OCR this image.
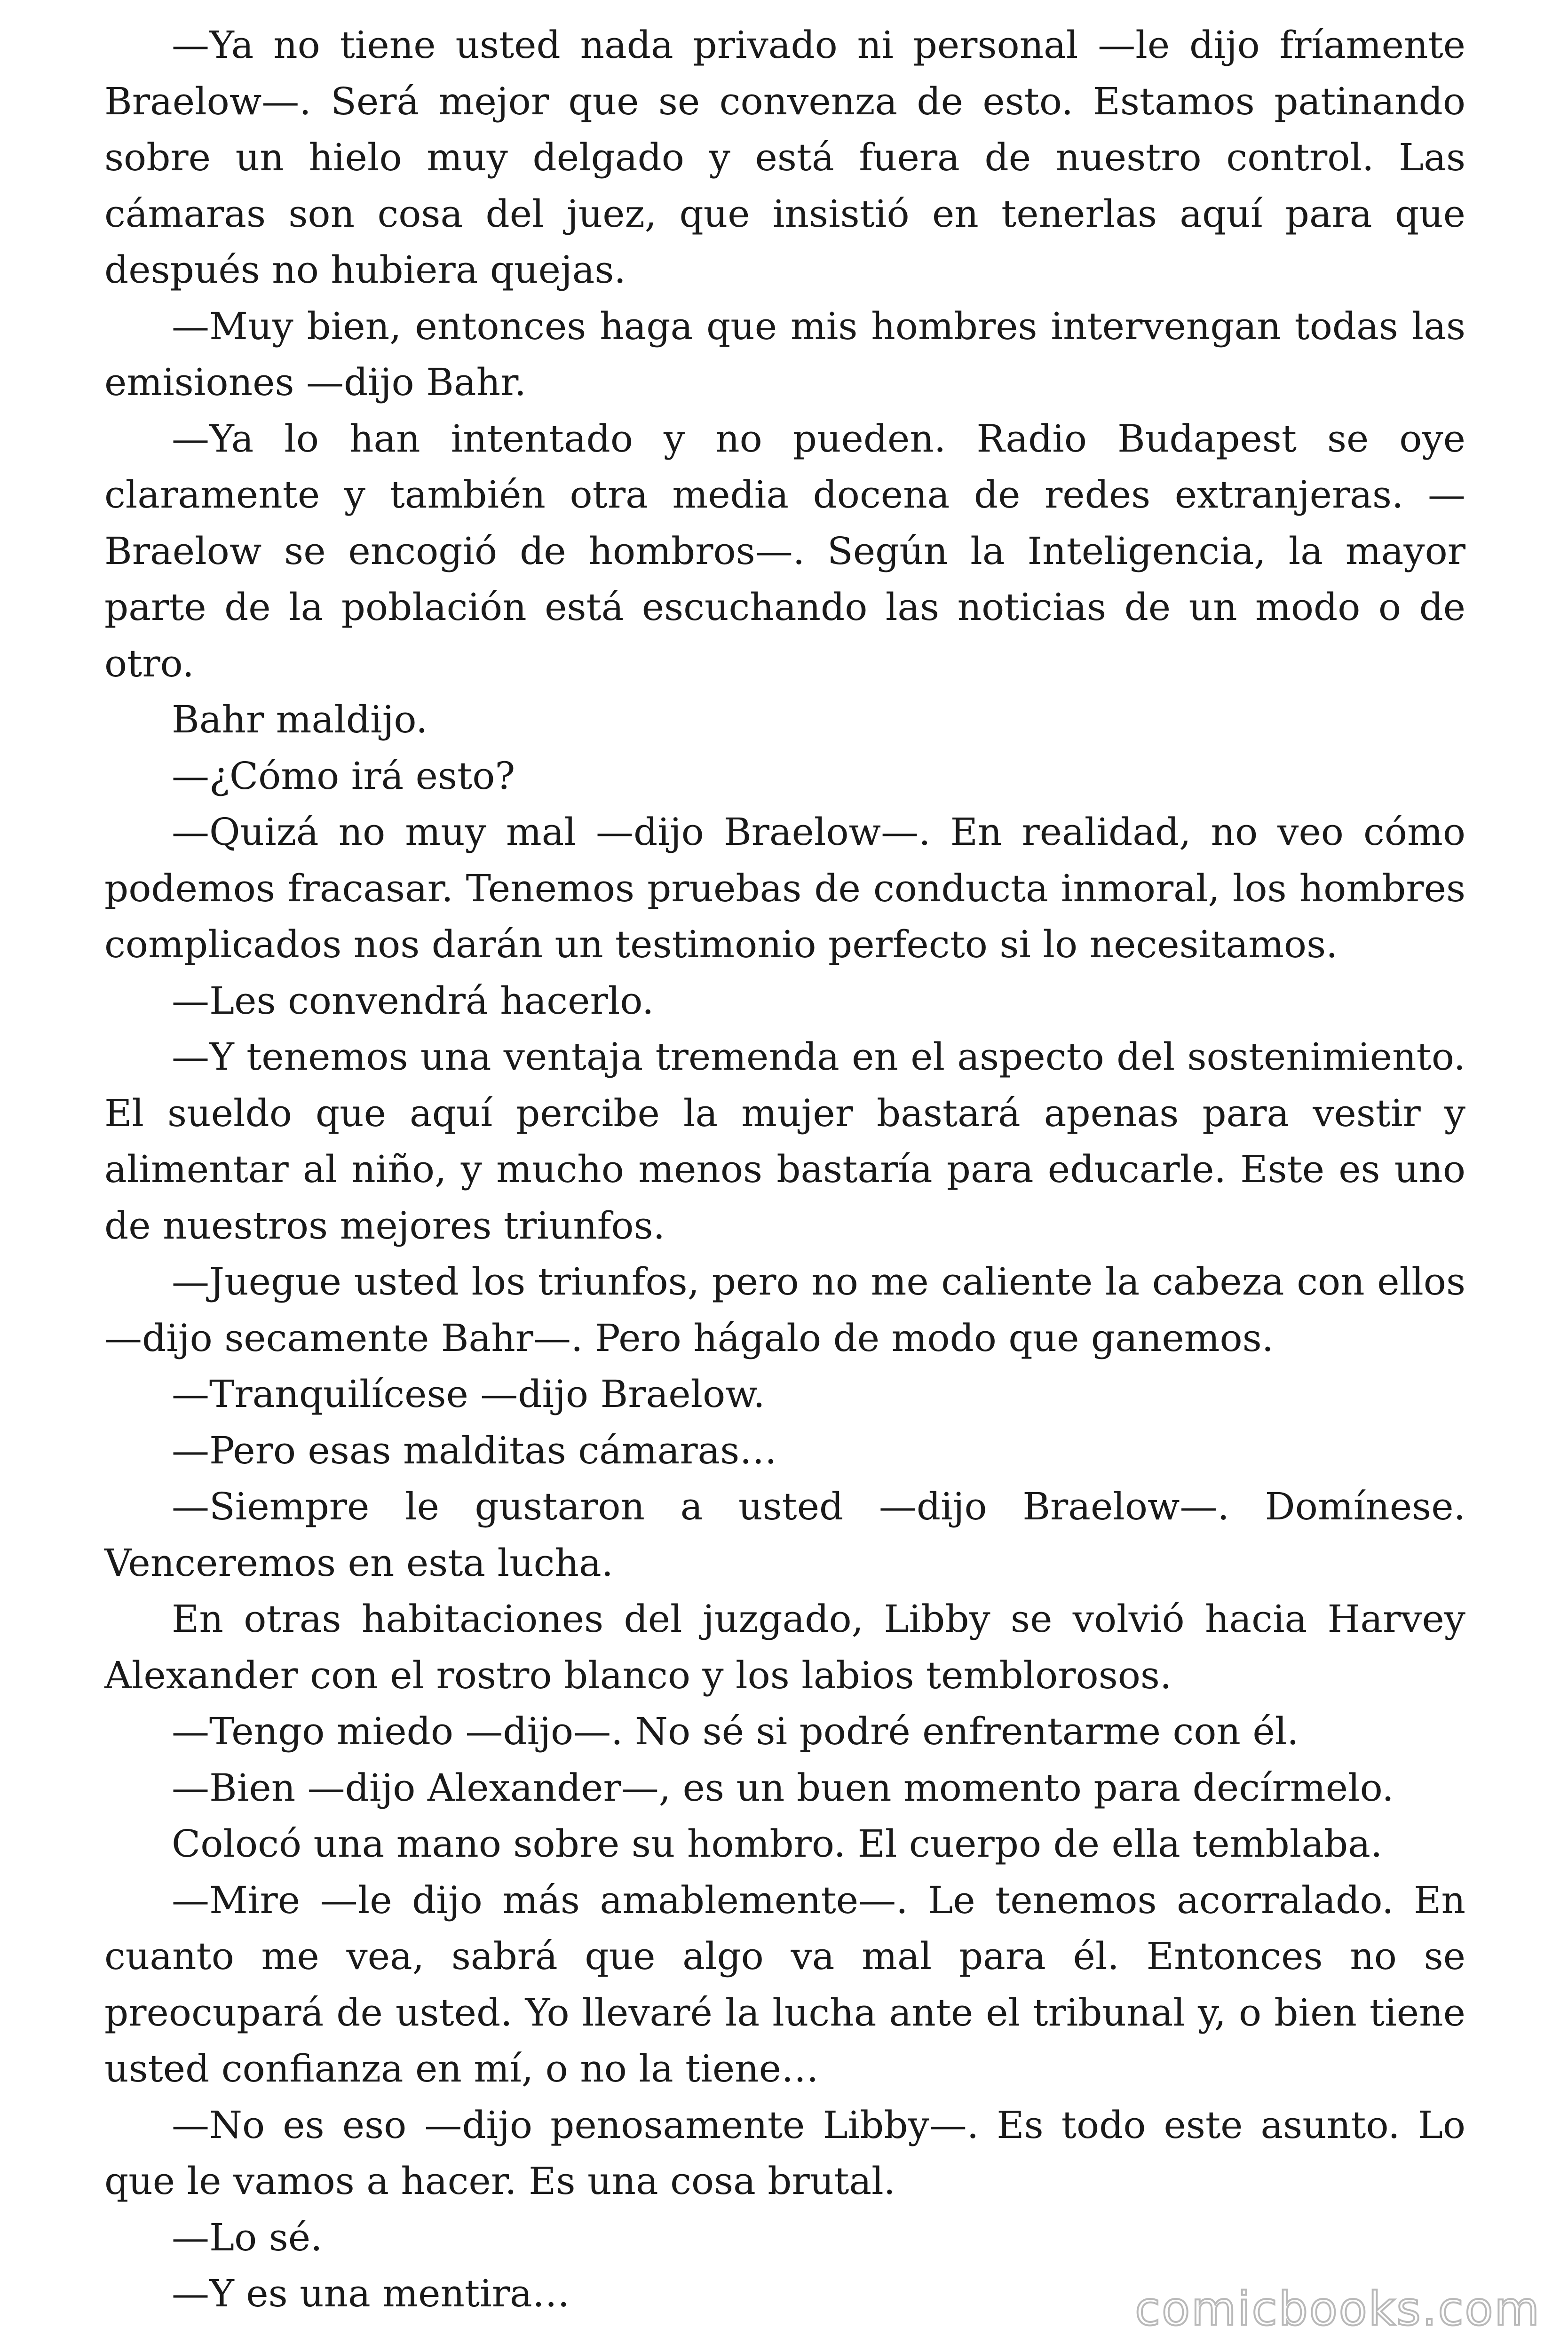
—Ya no tiene usted nada privado ni personal —le dijo fríamente Braelow—. Será mejor que se convenza de esto. Estamos patinando sobre un hielo muy delgado y está fuera de nuestro control. Las cámaras son cosa del juez, que insistió en tenerlas aquí para que después no hubiera quejas.

—Muy bien, entonces haga que mis hombres intervengan todas las emisiones —dijo Bahr.

—Ya lo han intentado y no pueden. Radio Budapest se oye claramente y también otra media docena de redes extranjeras. —Braelow se encogió de hombros—. Según la Inteligencia, la mayor parte de la población está escuchando las noticias de un modo o de otro.

Bahr maldijo.

—¿Cómo irá esto?

—Quizá no muy mal —dijo Braelow—. En realidad, no veo cómo podemos fracasar. Tenemos pruebas de conducta inmoral, los hombres complicados nos darán un testimonio perfecto si lo necesitamos.

—Les convendrá hacerlo.

—Y tenemos una ventaja tremenda en el aspecto del sostenimiento. El sueldo que aquí percibe la mujer bastará apenas para vestir y alimentar al niño, y mucho menos bastaría para educarle. Este es uno de nuestros mejores triunfos.

—Juegue usted los triunfos, pero no me caliente la cabeza con ellos —dijo secamente Bahr—. Pero hágalo de modo que ganemos.

—Tranquilícese —dijo Braelow.

—Pero esas malditas cámaras…

—Siempre le gustaron a usted —dijo Braelow—. Domínese. Venceremos en esta lucha.

En otras habitaciones del juzgado, Libby se volvió hacia Harvey Alexander con el rostro blanco y los labios temblorosos.

—Tengo miedo —dijo—. No sé si podré enfrentarme con él.

—Bien —dijo Alexander—, es un buen momento para decírmelo.

Colocó una mano sobre su hombro. El cuerpo de ella temblaba.

—Mire —le dijo más amablemente—. Le tenemos acorralado. En cuanto me vea, sabrá que algo va mal para él. Entonces no se preocupará de usted. Yo llevaré la lucha ante el tribunal y, o bien tiene usted confianza en mí, o no la tiene…

—No es eso —dijo penosamente Libby—. Es todo este asunto. Lo que le vamos a hacer. Es una cosa brutal.

—Lo sé.

—Y es una mentira…	comicbooks.com
